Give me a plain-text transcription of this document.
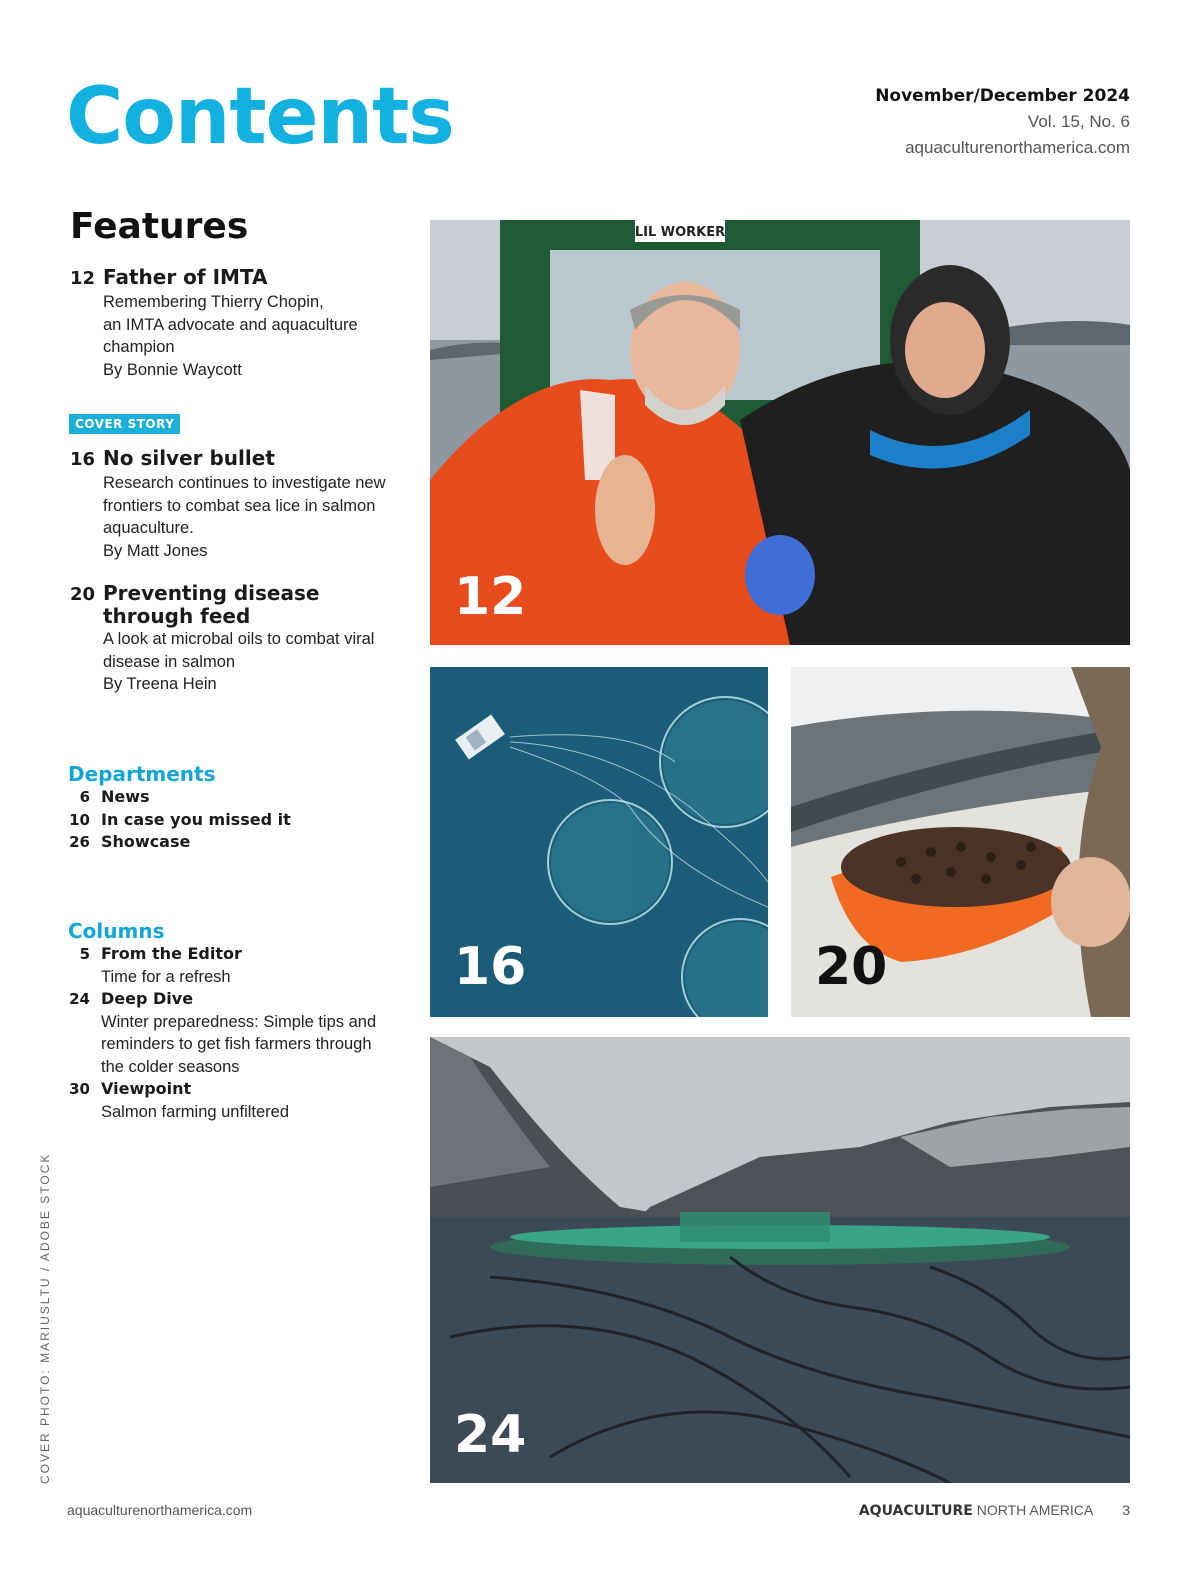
Contents	November/December 2024
Vol. 15, No. 6
aquaculturenorthamerica.com
Features
12 Father of IMTA
Remembering Thierry Chopin,
an IMTA advocate and aquaculture
champion
By Bonnie Waycott
COVER STORY
16 No silver bullet
Research continues to investigate new
frontiers to combat sea lice in salmon
aquaculture.
By Matt Jones
20 Preventing disease
through feed
A look at microbal oils to combat viral
disease in salmon
By Treena Hein
Departments
6 News
10 In case you missed it
26 Showcase
Columns
5 From the Editor
Time for a refresh
24 Deep Dive
Winter preparedness: Simple tips and
reminders to get fish farmers through
the colder seasons
30 Viewpoint
Salmon farming unfiltered
COVER PHOTO: MARIUSLTU / ADOBE STOCK
LIL WORKER
12
16	20
24
aquaculturenorthamerica.com	AQUACULTURE NORTH AMERICA 3
